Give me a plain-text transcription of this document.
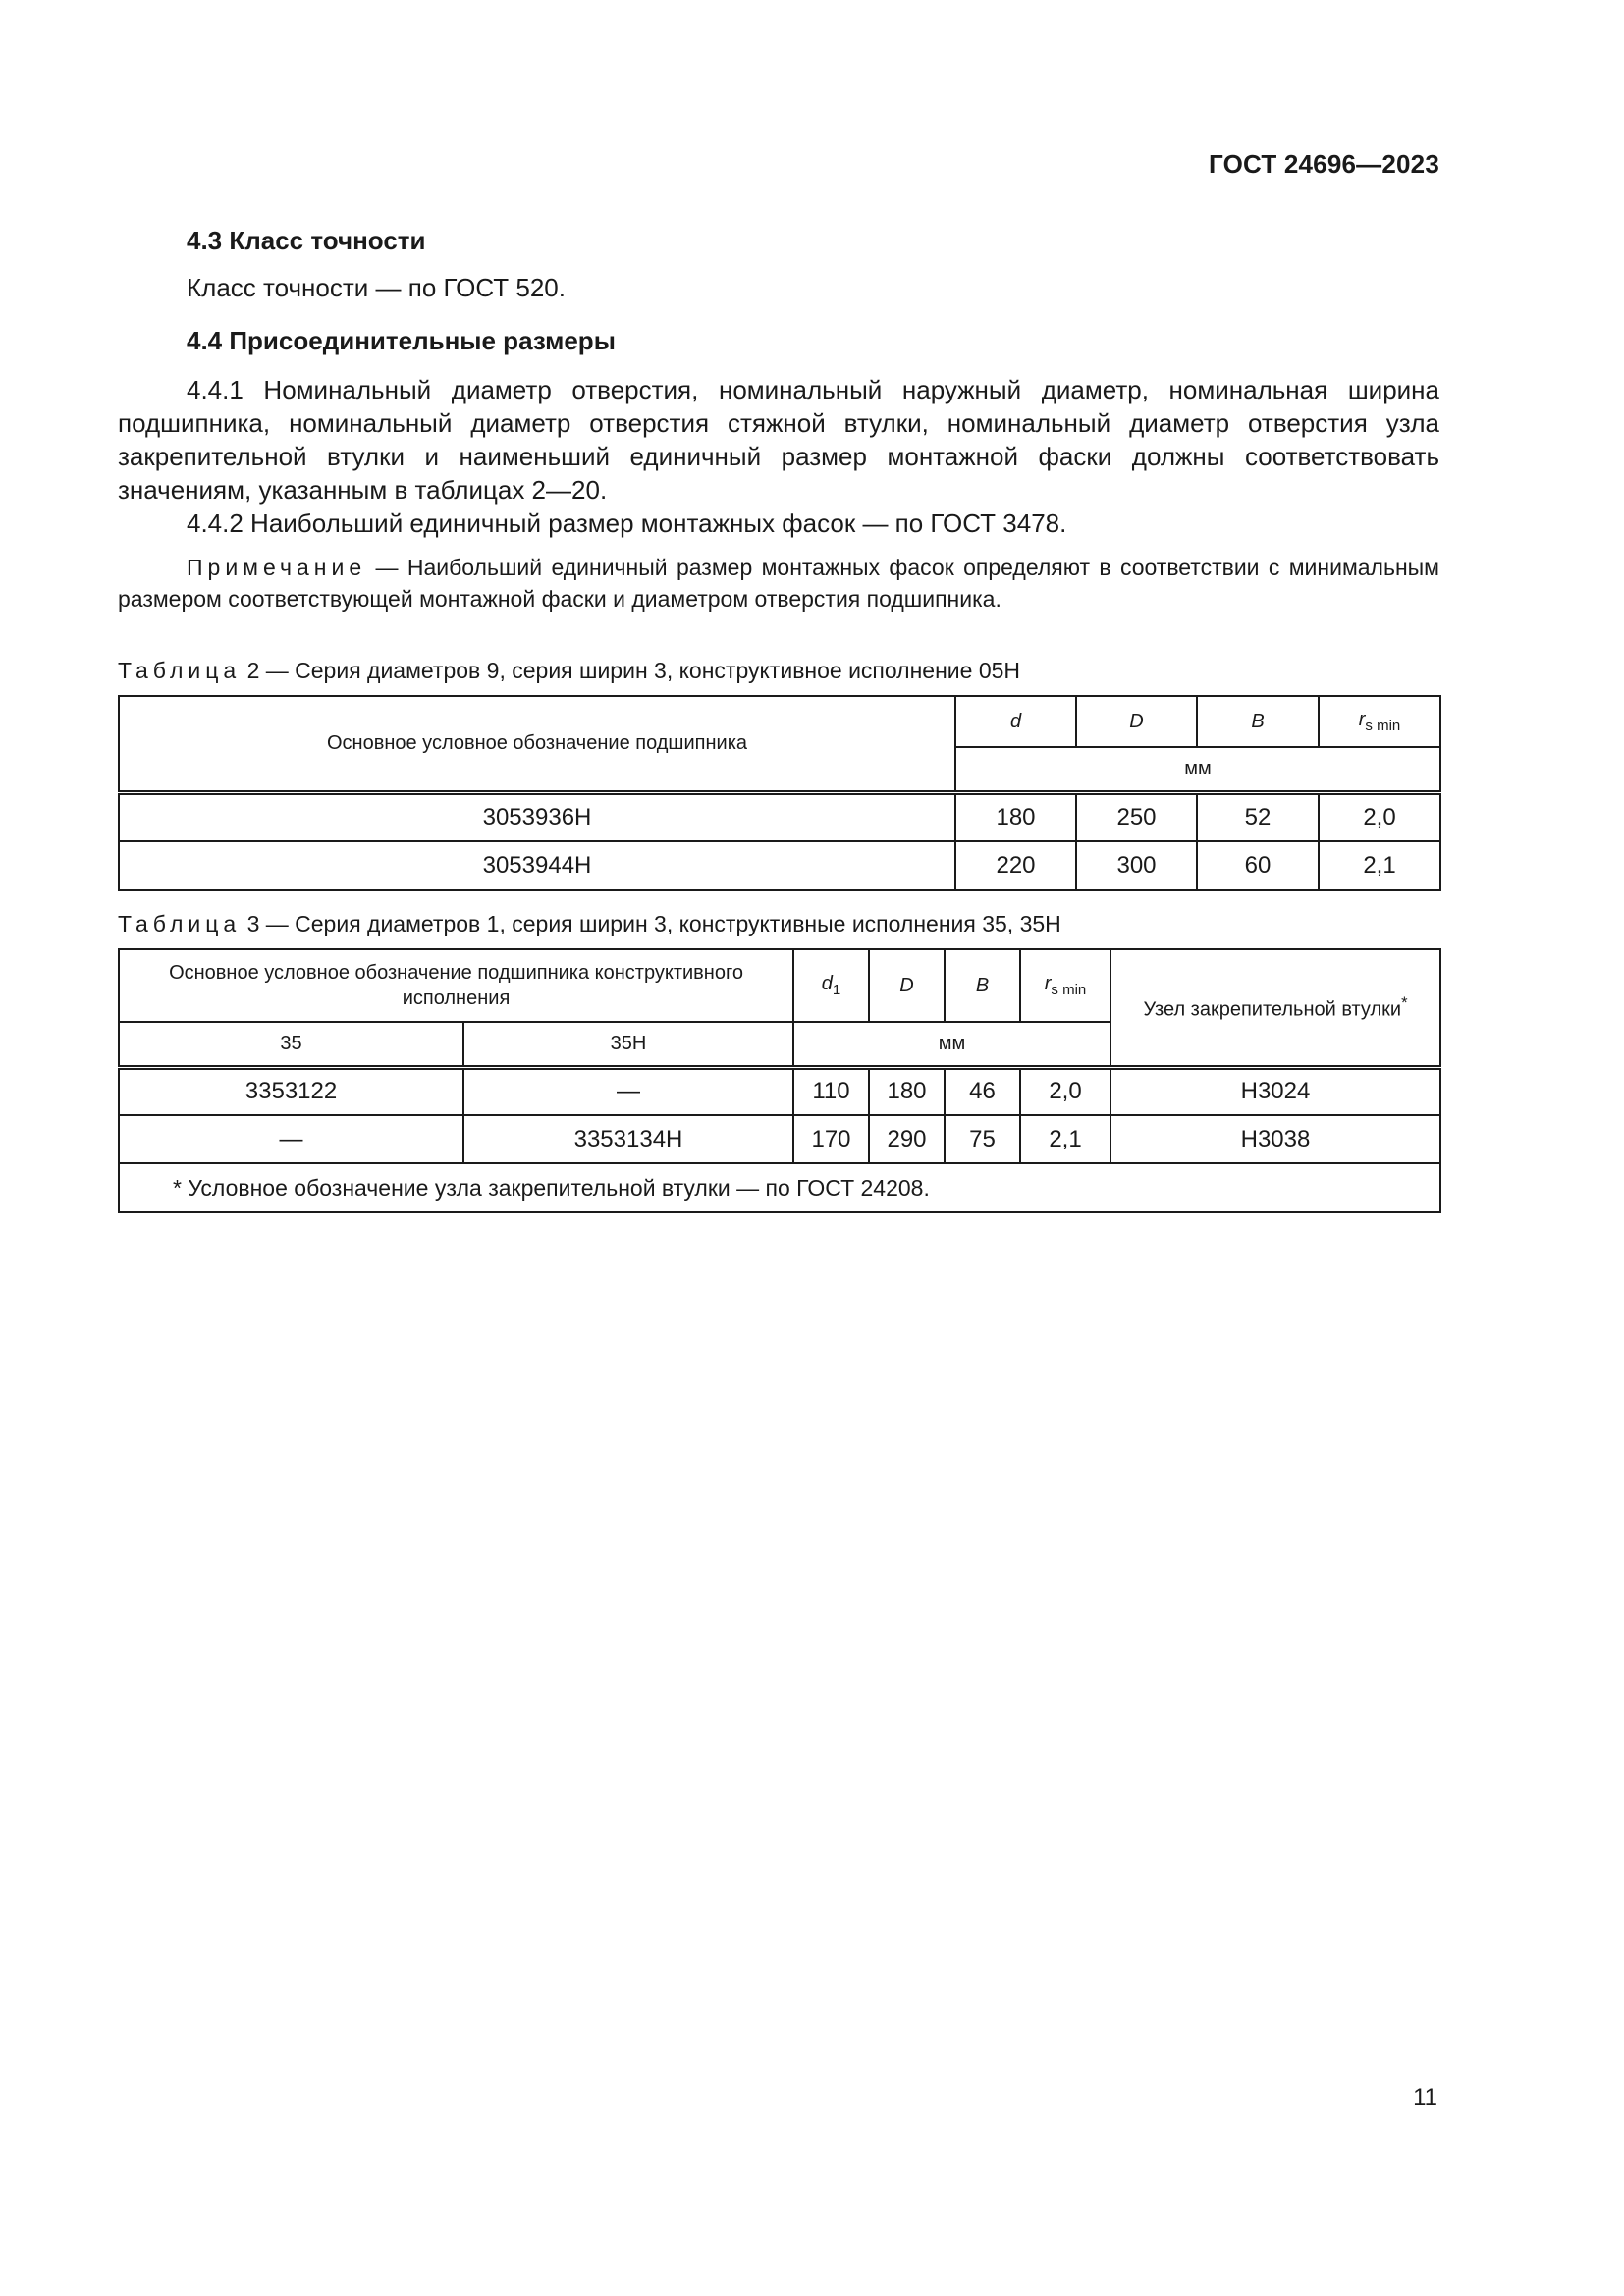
ГОСТ 24696—2023

4.3 Класс точности

Класс точности — по ГОСТ 520.

4.4 Присоединительные размеры

4.4.1 Номинальный диаметр отверстия, номинальный наружный диаметр, номинальная ширина подшипника, номинальный диаметр отверстия стяжной втулки, номинальный диаметр отверстия узла закрепительной втулки и наименьший единичный размер монтажной фаски должны соответствовать значениям, указанным в таблицах 2—20.

4.4.2 Наибольший единичный размер монтажных фасок — по ГОСТ 3478.

Примечание — Наибольший единичный размер монтажных фасок определяют в соответствии с минимальным размером соответствующей монтажной фаски и диаметром отверстия подшипника.

Таблица 2 — Серия диаметров 9, серия ширин 3, конструктивное исполнение 05Н

Основное условное обозначение подшипника	d	D	B	$r_{s min}$
	мм			
3053936Н	180	250	52	2,0
3053944Н	220	300	60	2,1

Таблица 3 — Серия диаметров 1, серия ширин 3, конструктивные исполнения 35, 35Н

Основное условное обозначение подшипника конструктивного исполнения		$d_1$	D	B	$r_{s min}$	Узел закрепительной втулки*
35	35Н	мм				
3353122	—	110	180	46	2,0	Н3024
—	3353134Н	170	290	75	2,1	Н3038
* Условное обозначение узла закрепительной втулки — по ГОСТ 24208.						
11
